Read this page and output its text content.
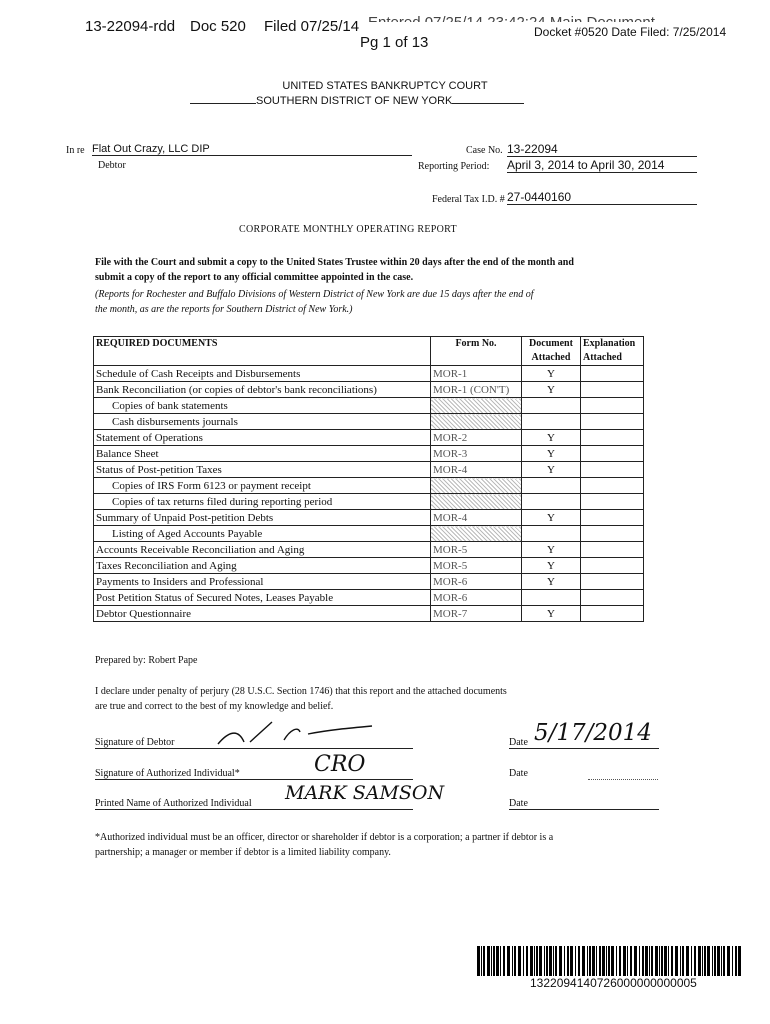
13-22094-rdd Doc 520 Filed 07/25/14
Pg 1 of 13
Docket #0520 Date Filed: 7/25/2014
UNITED STATES BANKRUPTCY COURT
SOUTHERN DISTRICT OF NEW YORK
In re Flat Out Crazy, LLC DIP
Debtor
Case No. 13-22094
Reporting Period: April 3, 2014 to April 30, 2014
Federal Tax I.D. # 27-0440160
CORPORATE MONTHLY OPERATING REPORT
File with the Court and submit a copy to the United States Trustee within 20 days after the end of the month and
submit a copy of the report to any official committee appointed in the case.
(Reports for Rochester and Buffalo Divisions of Western District of New York are due 15 days after the end of
the month, as are the reports for Southern District of New York.)
REQUIRED DOCUMENTS	Form No.	Document Attached	Explanation Attached
Schedule of Cash Receipts and Disbursements	MOR-1	Y	
Bank Reconciliation (or copies of debtor's bank reconciliations)	MOR-1 (CON'T)	Y	
Copies of bank statements			
Cash disbursements journals			
Statement of Operations	MOR-2	Y	
Balance Sheet	MOR-3	Y	
Status of Post-petition Taxes	MOR-4	Y	
Copies of IRS Form 6123 or payment receipt			
Copies of tax returns filed during reporting period			
Summary of Unpaid Post-petition Debts	MOR-4	Y	
Listing of Aged Accounts Payable			
Accounts Receivable Reconciliation and Aging	MOR-5	Y	
Taxes Reconciliation and Aging	MOR-5	Y	
Payments to Insiders and Professional	MOR-6	Y	
Post Petition Status of Secured Notes, Leases Payable	MOR-6		
Debtor Questionnaire	MOR-7	Y	
Prepared by: Robert Pape
I declare under penalty of perjury (28 U.S.C. Section 1746) that this report and the attached documents
are true and correct to the best of my knowledge and belief.
Signature of Debtor	Date 5/17/2014
Signature of Authorized Individual*	CRO	Date
Printed Name of Authorized Individual MARK SAMSON	Date
*Authorized individual must be an officer, director or shareholder if debtor is a corporation; a partner if debtor is a
partnership; a manager or member if debtor is a limited liability company.
1322094140726000000000005
